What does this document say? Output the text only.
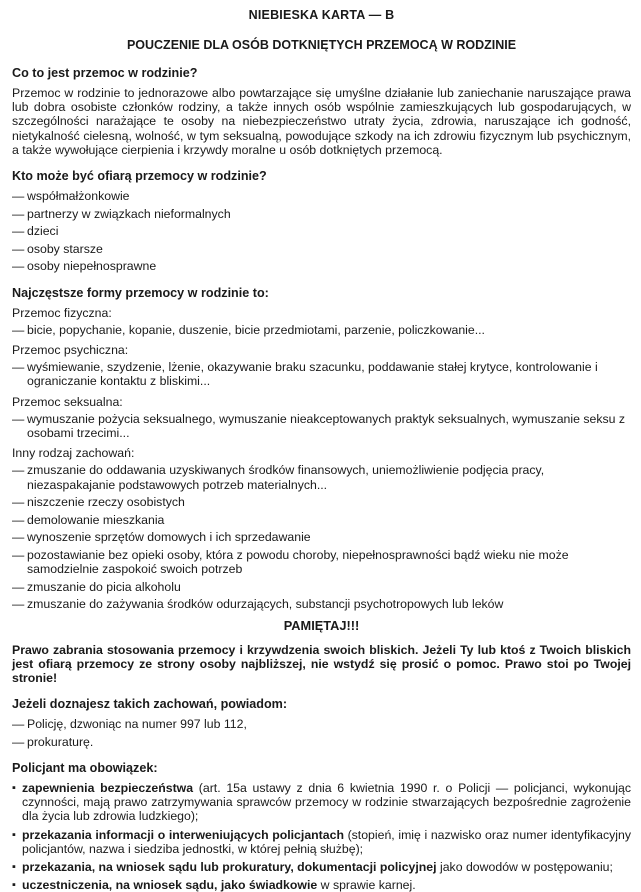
NIEBIESKA KARTA — B
POUCZENIE DLA OSÓB DOTKNIĘTYCH PRZEMOCĄ W RODZINIE
Co to jest przemoc w rodzinie?

Przemoc w rodzinie to jednorazowe albo powtarzające się umyślne działanie lub zaniechanie naruszające prawa lub dobra osobiste członków rodziny, a także innych osób wspólnie zamieszkujących lub gospodarujących, w szczególności narażające te osoby na niebezpieczeństwo utraty życia, zdrowia, naruszające ich godność, nietykalność cielesną, wolność, w tym seksualną, powodujące szkody na ich zdrowiu fizycznym lub psychicznym, a także wywołujące cierpienia i krzywdy moralne u osób dotkniętych przemocą.

Kto może być ofiarą przemocy w rodzinie?
— współmałżonkowie
— partnerzy w związkach nieformalnych
— dzieci
— osoby starsze
— osoby niepełnosprawne
Najczęstsze formy przemocy w rodzinie to:
Przemoc fizyczna:
— bicie, popychanie, kopanie, duszenie, bicie przedmiotami, parzenie, policzkowanie...
Przemoc psychiczna:
— wyśmiewanie, szydzenie, lżenie, okazywanie braku szacunku, poddawanie stałej krytyce, kontrolowanie i ograniczanie kontaktu z bliskimi...
Przemoc seksualna:
— wymuszanie pożycia seksualnego, wymuszanie nieakceptowanych praktyk seksualnych, wymuszanie seksu z osobami trzecimi...
Inny rodzaj zachowań:
— zmuszanie do oddawania uzyskiwanych środków finansowych, uniemożliwienie podjęcia pracy, niezaspakajanie podstawowych potrzeb materialnych...
— niszczenie rzeczy osobistych
— demolowanie mieszkania
— wynoszenie sprzętów domowych i ich sprzedawanie
— pozostawianie bez opieki osoby, która z powodu choroby, niepełnosprawności bądź wieku nie może samodzielnie zaspokoić swoich potrzeb
— zmuszanie do picia alkoholu
— zmuszanie do zażywania środków odurzających, substancji psychotropowych lub leków
PAMIĘTAJ!!!

Prawo zabrania stosowania przemocy i krzywdzenia swoich bliskich. Jeżeli Ty lub ktoś z Twoich bliskich jest ofiarą przemocy ze strony osoby najbliższej, nie wstydź się prosić o pomoc. Prawo stoi po Twojej stronie!

Jeżeli doznajesz takich zachowań, powiadom:
— Policję, dzwoniąc na numer 997 lub 112,
— prokuraturę.
Policjant ma obowiązek:
▪ zapewnienia bezpieczeństwa (art. 15a ustawy z dnia 6 kwietnia 1990 r. o Policji — policjanci, wykonując czynności, mają prawo zatrzymywania sprawców przemocy w rodzinie stwarzających bezpośrednie zagrożenie dla życia lub zdrowia ludzkiego);
▪ przekazania informacji o interweniujących policjantach (stopień, imię i nazwisko oraz numer identyfikacyjny policjantów, nazwa i siedziba jednostki, w której pełnią służbę);
▪ przekazania, na wniosek sądu lub prokuratury, dokumentacji policyjnej jako dowodów w postępowaniu;
▪ uczestniczenia, na wniosek sądu, jako świadkowie w sprawie karnej.
